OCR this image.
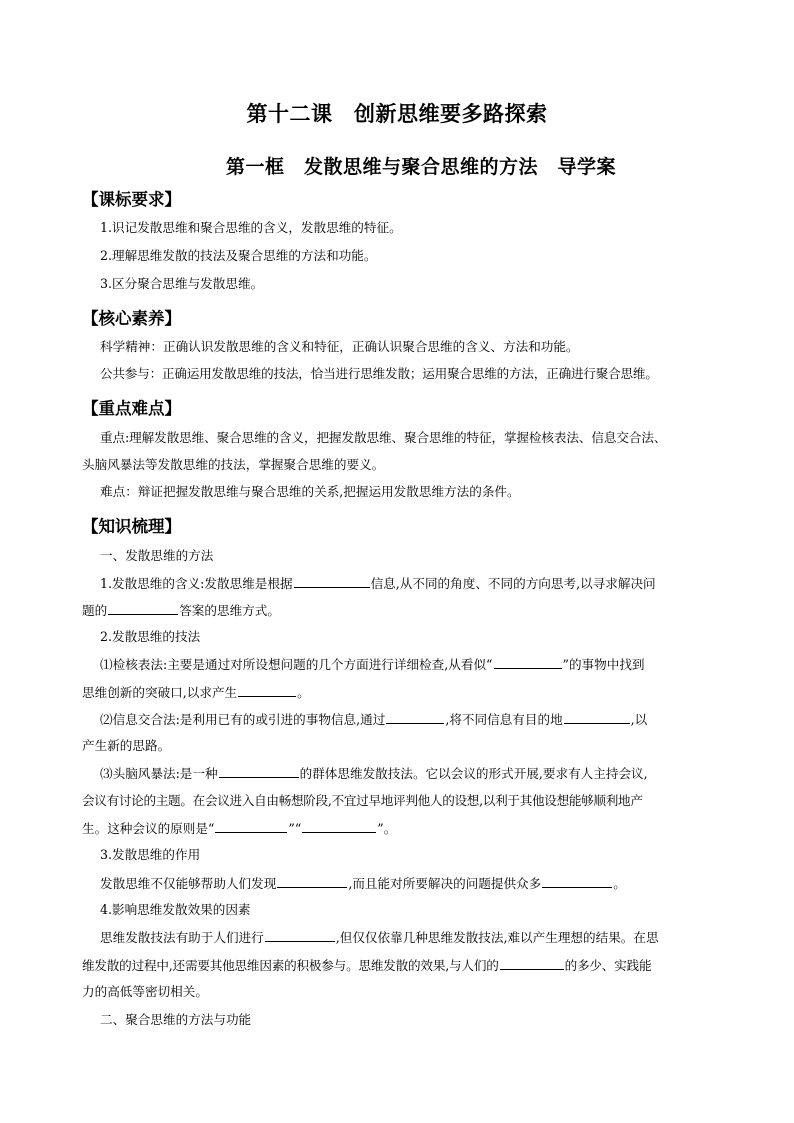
第十二课　创新思维要多路探索
第一框　发散思维与聚合思维的方法　导学案
【课标要求】
1.识记发散思维和聚合思维的含义，发散思维的特征。
2.理解思维发散的技法及聚合思维的方法和功能。
3.区分聚合思维与发散思维。
【核心素养】
科学精神：正确认识发散思维的含义和特征，正确认识聚合思维的含义、方法和功能。
公共参与：正确运用发散思维的技法，恰当进行思维发散；运用聚合思维的方法，正确进行聚合思维。
【重点难点】
重点:理解发散思维、聚合思维的含义，把握发散思维、聚合思维的特征，掌握检核表法、信息交合法、
头脑风暴法等发散思维的技法，掌握聚合思维的要义。
难点：辩证把握发散思维与聚合思维的关系,把握运用发散思维方法的条件。
【知识梳理】
一、发散思维的方法
1.发散思维的含义:发散思维是根据	信息,从不同的角度、不同的方向思考,以寻求解决问
题的	答案的思维方式。
2.发散思维的技法
⑴检核表法:主要是通过对所设想问题的几个方面进行详细检查,从看似“	”的事物中找到
思维创新的突破口,以求产生	。
⑵信息交合法:是利用已有的或引进的事物信息,通过	,将不同信息有目的地	,以
产生新的思路。
⑶头脑风暴法:是一种	的群体思维发散技法。它以会议的形式开展,要求有人主持会议,
会议有讨论的主题。在会议进入自由畅想阶段,不宜过早地评判他人的设想,以利于其他设想能够顺利地产
生。这种会议的原则是“	”“	”。
3.发散思维的作用
发散思维不仅能够帮助人们发现	,而且能对所要解决的问题提供众多	。
4.影响思维发散效果的因素
思维发散技法有助于人们进行	,但仅仅依靠几种思维发散技法,难以产生理想的结果。在思
维发散的过程中,还需要其他思维因素的积极参与。思维发散的效果,与人们的	的多少、实践能
力的高低等密切相关。
二、聚合思维的方法与功能
